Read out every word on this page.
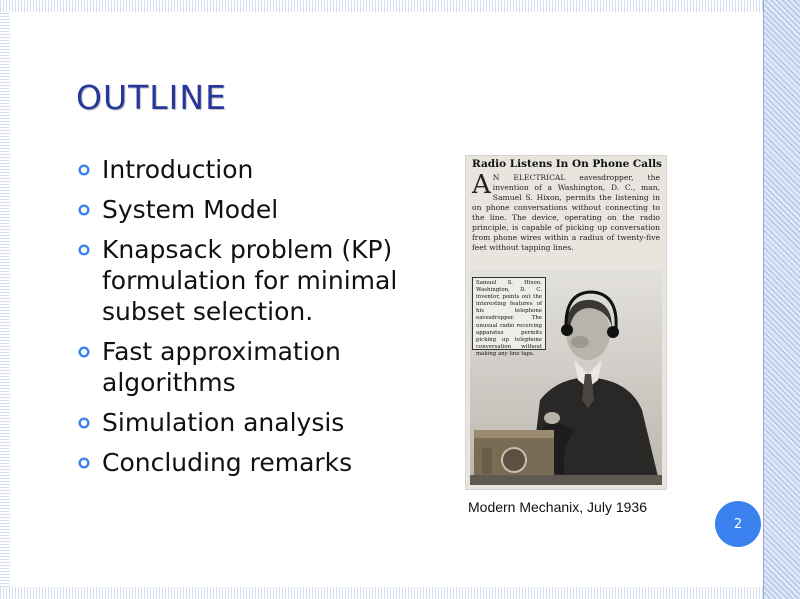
OUTLINE
Introduction
System Model
Knapsack problem (KP) formulation for minimal subset selection.
Fast approximation algorithms
Simulation analysis
Concluding remarks
Radio Listens In On Phone Calls
A N ELECTRICAL eavesdropper, the invention of a Washington, D. C., man, Samuel S. Hixon, permits the listening in on phone conversations without connecting to the line. The device, operating on the radio principle, is capable of picking up conversation from phone wires within a radius of twenty-five feet without tapping lines.
Samuel S. Hixon, Washington, D. C. inventor, points out the interesting features of his telephone eavesdropper. The unusual radio receiving apparatus permits picking up telephone conversation without making any line taps.
Modern Mechanix, July 1936
2
